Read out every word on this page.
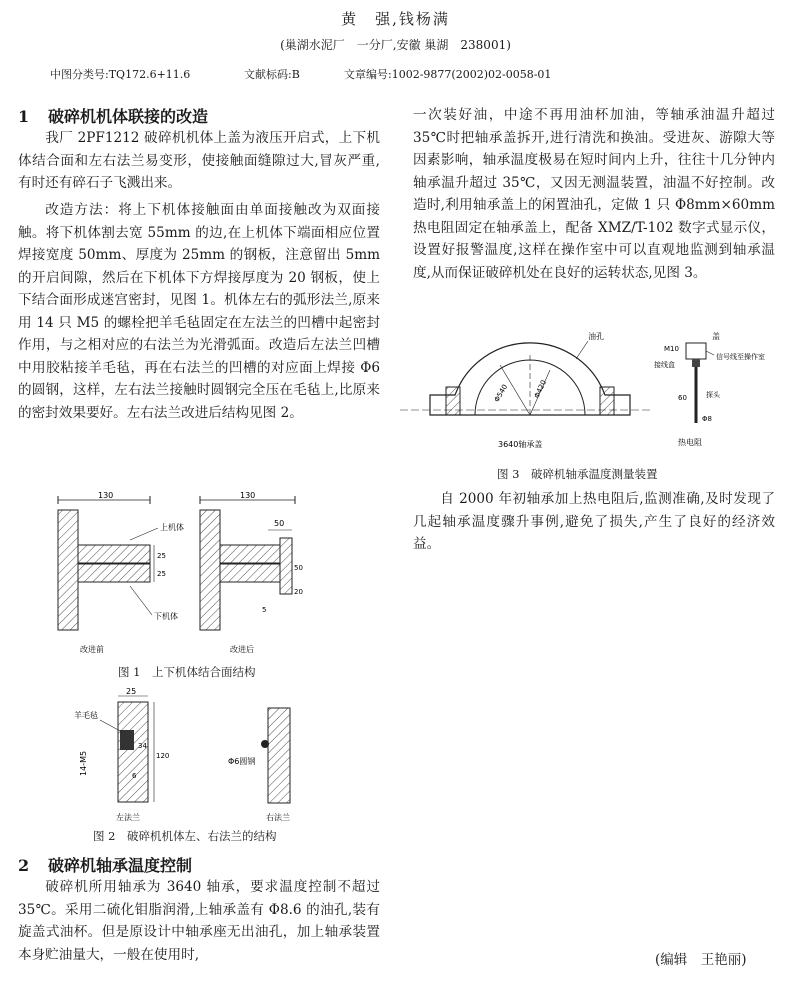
黄　强,钱杨满
(巢湖水泥厂　一分厂,安徽 巢湖　238001)
中图分类号:TQ172.6+11.6	文献标码:B	文章编号:1002-9877(2002)02-0058-01
1 破碎机机体联接的改造
我厂 2PF1212 破碎机机体上盖为液压开启式，上下机体结合面和左右法兰易变形，使接触面缝隙过大,冒灰严重,有时还有碎石子飞溅出来。
改造方法：将上下机体接触面由单面接触改为双面接触。将下机体割去宽 55mm 的边,在上机体下端面相应位置焊接宽度 50mm、厚度为 25mm 的钢板，注意留出 5mm 的开启间隙，然后在下机体下方焊接厚度为 20 钢板，使上下结合面形成迷宫密封，见图 1。机体左右的弧形法兰,原来用 14 只 M5 的螺栓把羊毛毡固定在左法兰的凹槽中起密封作用，与之相对应的右法兰为光滑弧面。改造后左法兰凹槽中用胶粘接羊毛毡，再在右法兰的凹槽的对应面上焊接 Φ6 的圆钢，这样，左右法兰接触时圆钢完全压在毛毡上,比原来的密封效果要好。左右法兰改进后结构见图 2。
130
25
25
上机体
下机体
改进前
130
50
50
20
5
改进后
图 1　上下机体结合面结构
25
120
34
6
羊毛毡
14-M5
左法兰
Φ6圆钢
右法兰
图 2　破碎机机体左、右法兰的结构
2 破碎机轴承温度控制
破碎机所用轴承为 3640 轴承，要求温度控制不超过 35℃。采用二硫化钼脂润滑,上轴承盖有 Φ8.6 的油孔,装有旋盖式油杯。但是原设计中轴承座无出油孔，加上轴承装置本身贮油量大，一般在使用时,
一次装好油，中途不再用油杯加油，等轴承油温升超过 35℃时把轴承盖拆开,进行清洗和换油。受进灰、游隙大等因素影响，轴承温度极易在短时间内上升，往往十几分钟内轴承温升超过 35℃，又因无测温装置，油温不好控制。改造时,利用轴承盖上的闲置油孔，定做 1 只 Φ8mm×60mm 热电阻固定在轴承盖上，配备 XMZ/T-102 数字式显示仪，设置好报警温度,这样在操作室中可以直观地监测到轴承温度,从而保证破碎机处在良好的运转状态,见图 3。
Φ540	Φ420
油孔
3640轴承盖
盖
M10
信号线至操作室
接线盒
60	探头
Φ8
热电阻
图 3　破碎机轴承温度测量装置
自 2000 年初轴承加上热电阻后,监测准确,及时发现了几起轴承温度骤升事例,避免了损失,产生了良好的经济效益。
(编辑　王艳丽)
